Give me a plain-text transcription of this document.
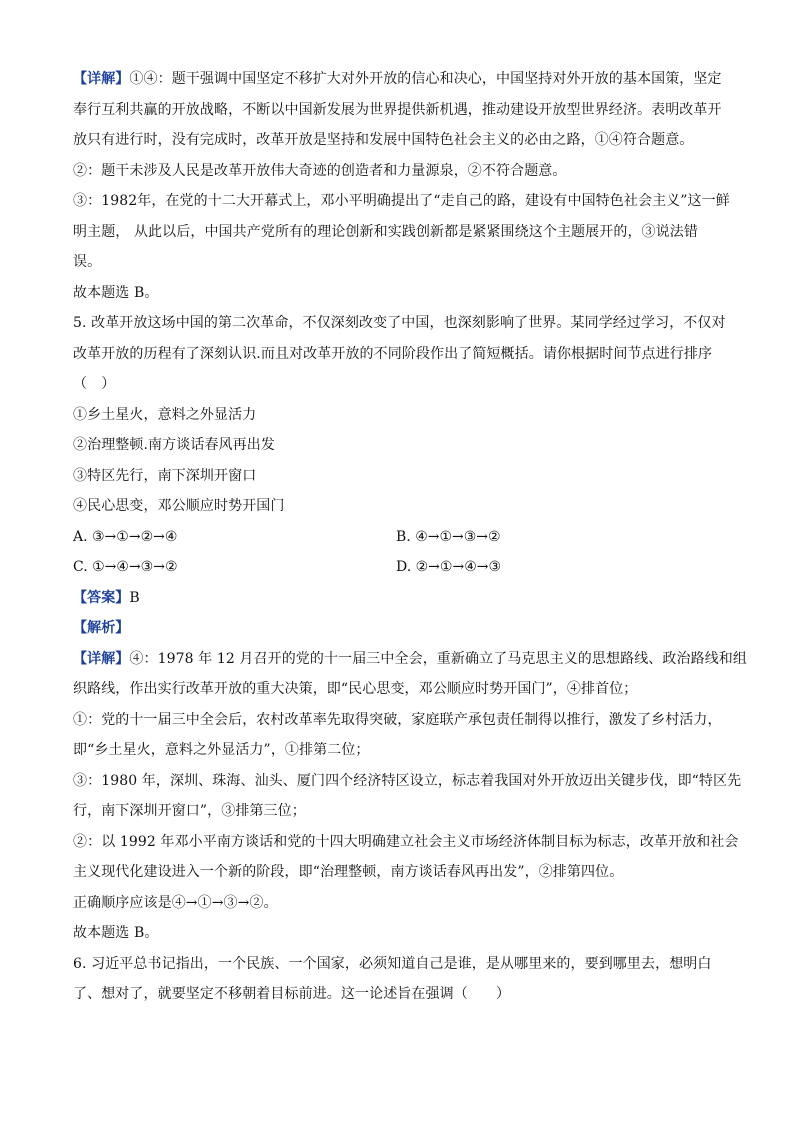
【详解】①④：题干强调中国坚定不移扩大对外开放的信心和决心，中国坚持对外开放的基本国策，坚定
奉行互利共赢的开放战略，不断以中国新发展为世界提供新机遇，推动建设开放型世界经济。表明改革开
放只有进行时，没有完成时，改革开放是坚持和发展中国特色社会主义的必由之路，①④符合题意。
②：题干未涉及人民是改革开放伟大奇迹的创造者和力量源泉，②不符合题意。
③：1982年，在党的十二大开幕式上，邓小平明确提出了“走自己的路，建设有中国特色社会主义”这一鲜
明主题， 从此以后，中国共产党所有的理论创新和实践创新都是紧紧围绕这个主题展开的，③说法错
误。
故本题选 B。
5. 改革开放这场中国的第二次革命，不仅深刻改变了中国，也深刻影响了世界。某同学经过学习，不仅对
改革开放的历程有了深刻认识.而且对改革开放的不同阶段作出了简短概括。请你根据时间节点进行排序
（　）
①乡土星火，意料之外显活力
②治理整顿.南方谈话春风再出发
③特区先行，南下深圳开窗口
④民心思变，邓公顺应时势开国门
A. ③→①→②→④	B. ④→①→③→②
C. ①→④→③→②	D. ②→①→④→③
【答案】B
【解析】
【详解】④：1978 年 12 月召开的党的十一届三中全会，重新确立了马克思主义的思想路线、政治路线和组
织路线，作出实行改革开放的重大决策，即“民心思变，邓公顺应时势开国门”，④排首位；
①：党的十一届三中全会后，农村改革率先取得突破，家庭联产承包责任制得以推行，激发了乡村活力，
即“乡土星火，意料之外显活力”，①排第二位；
③：1980 年，深圳、珠海、汕头、厦门四个经济特区设立，标志着我国对外开放迈出关键步伐，即“特区先
行，南下深圳开窗口”，③排第三位；
②：以 1992 年邓小平南方谈话和党的十四大明确建立社会主义市场经济体制目标为标志，改革开放和社会
主义现代化建设进入一个新的阶段，即“治理整顿，南方谈话春风再出发”，②排第四位。
正确顺序应该是④→①→③→②。
故本题选 B。
6. 习近平总书记指出，一个民族、一个国家，必须知道自己是谁，是从哪里来的，要到哪里去，想明白
了、想对了，就要坚定不移朝着目标前进。这一论述旨在强调（　　）
